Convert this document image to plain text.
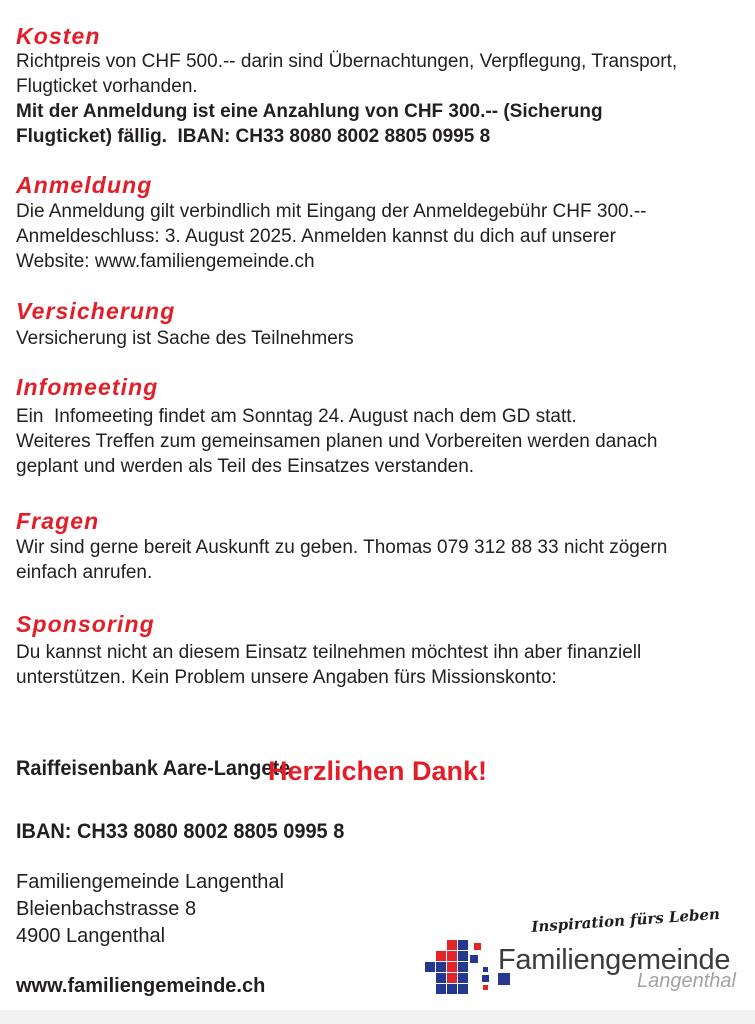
Kosten
Richtpreis von CHF 500.-- darin sind Übernachtungen, Verpflegung, Transport,
Flugticket vorhanden.
Mit der Anmeldung ist eine Anzahlung von CHF 300.-- (Sicherung
Flugticket) fällig.  IBAN: CH33 8080 8002 8805 0995 8
Anmeldung
Die Anmeldung gilt verbindlich mit Eingang der Anmeldegebühr CHF 300.--
Anmeldeschluss: 3. August 2025. Anmelden kannst du dich auf unserer
Website: www.familiengemeinde.ch
Versicherung
Versicherung ist Sache des Teilnehmers
Infomeeting
Ein  Infomeeting findet am Sonntag 24. August nach dem GD statt.
Weiteres Treffen zum gemeinsamen planen und Vorbereiten werden danach
geplant und werden als Teil des Einsatzes verstanden.
Fragen
Wir sind gerne bereit Auskunft zu geben. Thomas 079 312 88 33 nicht zögern
einfach anrufen.
Sponsoring
Du kannst nicht an diesem Einsatz teilnehmen möchtest ihn aber finanziell
unterstützen. Kein Problem unsere Angaben fürs Missionskonto:

Raiffeisenbank Aare-Langete

IBAN: CH33 8080 8002 8805 0995 8

Herzlichen Dank!
Familiengemeinde Langenthal
Bleienbachstrasse 8
4900 Langenthal
www.familiengemeinde.ch
Inspiration fürs Leben
Familiengemeinde
Langenthal
